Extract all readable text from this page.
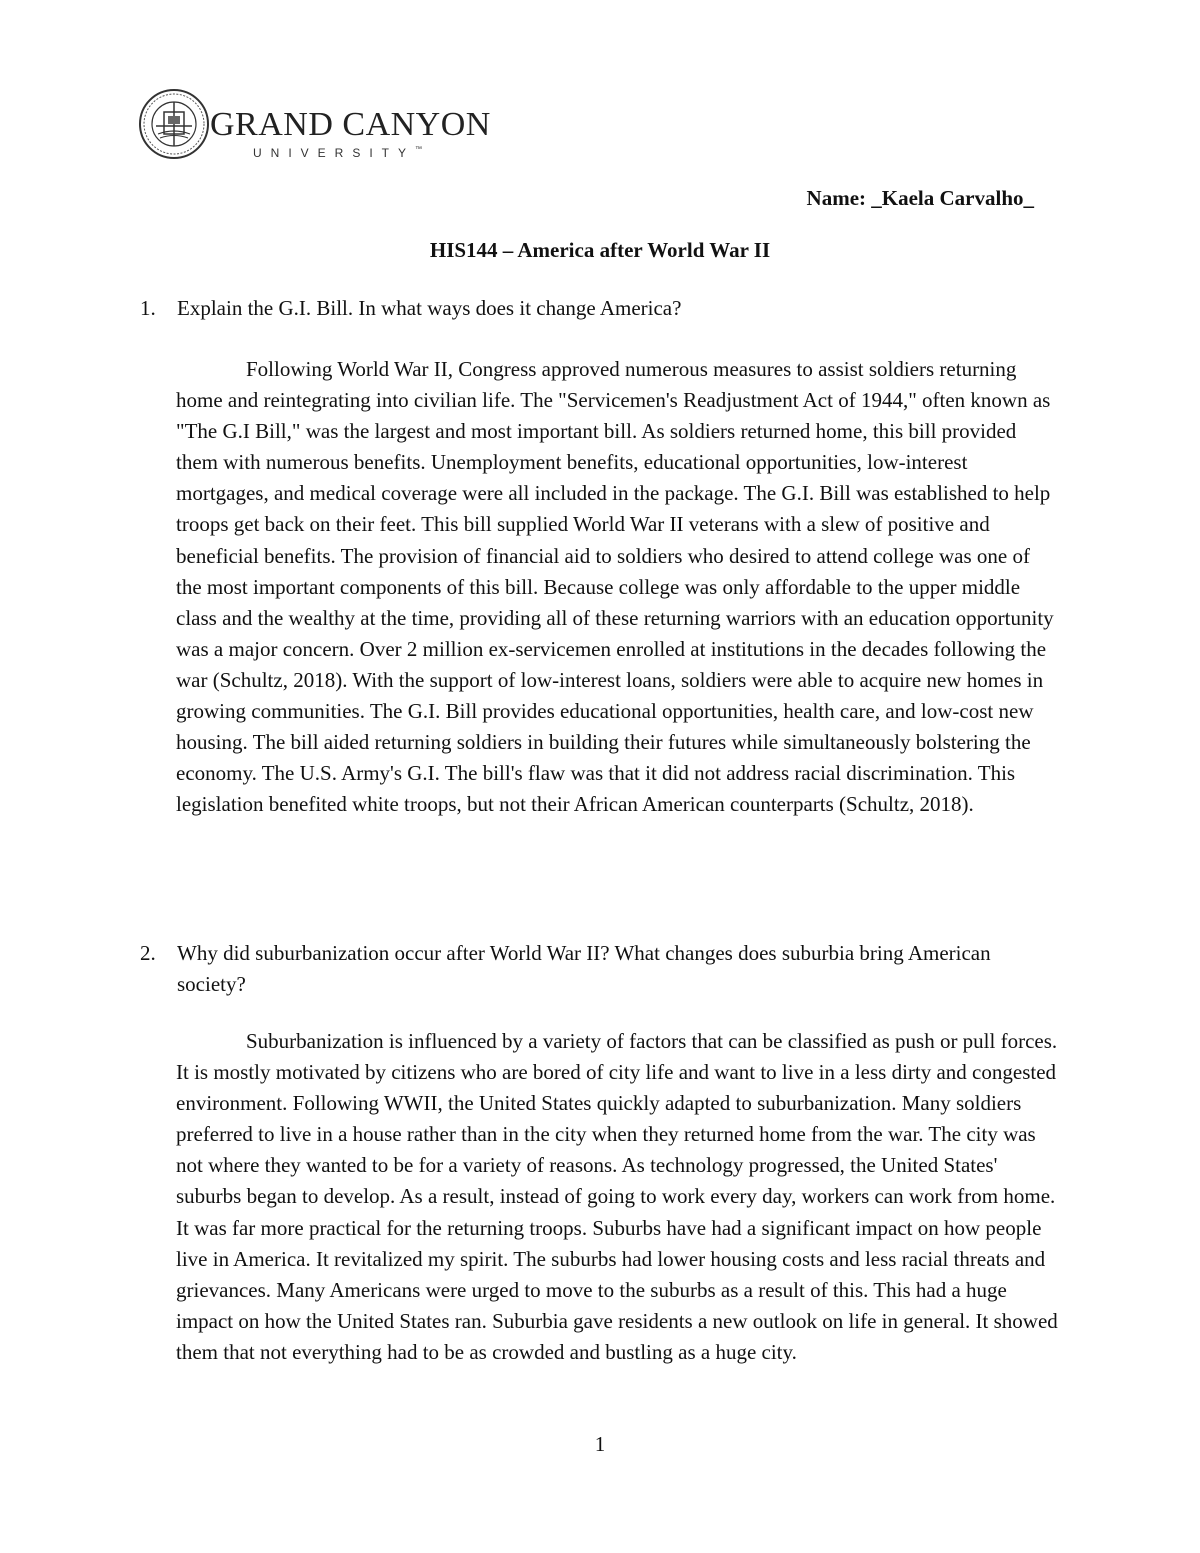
GRAND CANYON
UNIVERSITY™
Name: _Kaela Carvalho_
HIS144 – America after World War II
1. Explain the G.I. Bill. In what ways does it change America?

Following World War II, Congress approved numerous measures to assist soldiers returning home and reintegrating into civilian life. The "Servicemen's Readjustment Act of 1944," often known as "The G.I Bill," was the largest and most important bill. As soldiers returned home, this bill provided them with numerous benefits. Unemployment benefits, educational opportunities, low-interest mortgages, and medical coverage were all included in the package. The G.I. Bill was established to help troops get back on their feet. This bill supplied World War II veterans with a slew of positive and beneficial benefits. The provision of financial aid to soldiers who desired to attend college was one of the most important components of this bill. Because college was only affordable to the upper middle class and the wealthy at the time, providing all of these returning warriors with an education opportunity was a major concern. Over 2 million ex-servicemen enrolled at institutions in the decades following the war (Schultz, 2018). With the support of low-interest loans, soldiers were able to acquire new homes in growing communities. The G.I. Bill provides educational opportunities, health care, and low-cost new housing. The bill aided returning soldiers in building their futures while simultaneously bolstering the economy. The U.S. Army's G.I. The bill's flaw was that it did not address racial discrimination. This legislation benefited white troops, but not their African American counterparts (Schultz, 2018).

2. Why did suburbanization occur after World War II? What changes does suburbia bring American society?

Suburbanization is influenced by a variety of factors that can be classified as push or pull forces. It is mostly motivated by citizens who are bored of city life and want to live in a less dirty and congested environment. Following WWII, the United States quickly adapted to suburbanization. Many soldiers preferred to live in a house rather than in the city when they returned home from the war. The city was not where they wanted to be for a variety of reasons. As technology progressed, the United States' suburbs began to develop. As a result, instead of going to work every day, workers can work from home. It was far more practical for the returning troops. Suburbs have had a significant impact on how people live in America. It revitalized my spirit. The suburbs had lower housing costs and less racial threats and grievances. Many Americans were urged to move to the suburbs as a result of this. This had a huge impact on how the United States ran. Suburbia gave residents a new outlook on life in general. It showed them that not everything had to be as crowded and bustling as a huge city.

1
